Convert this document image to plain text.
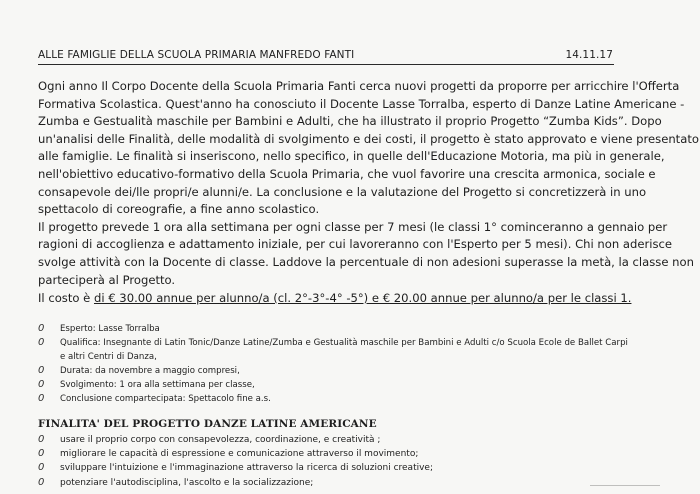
ALLE FAMIGLIE DELLA SCUOLA PRIMARIA MANFREDO FANTI	14.11.17

Ogni anno Il Corpo Docente della Scuola Primaria Fanti cerca nuovi progetti da proporre per arricchire l'Offerta
Formativa Scolastica. Quest'anno ha conosciuto il Docente Lasse Torralba, esperto di Danze Latine Americane -
Zumba e Gestualità maschile per Bambini e Adulti, che ha illustrato il proprio Progetto “Zumba Kids”. Dopo
un'analisi delle Finalità, delle modalità di svolgimento e dei costi, il progetto è stato approvato e viene presentato
alle famiglie. Le finalità si inseriscono, nello specifico, in quelle dell'Educazione Motoria, ma più in generale,
nell'obiettivo educativo-formativo della Scuola Primaria, che vuol favorire una crescita armonica, sociale e
consapevole dei/lle propri/e alunni/e. La conclusione e la valutazione del Progetto si concretizzerà in uno
spettacolo di coreografie, a fine anno scolastico.
Il progetto prevede 1 ora alla settimana per ogni classe per 7 mesi (le classi 1° cominceranno a gennaio per
ragioni di accoglienza e adattamento iniziale, per cui lavoreranno con l'Esperto per 5 mesi). Chi non aderisce
svolge attività con la Docente di classe. Laddove la percentuale di non adesioni superasse la metà, la classe non
parteciperà al Progetto.

Il costo è di € 30.00 annue per alunno/a (cl. 2°-3°-4° -5°) e € 20.00 annue per alunno/a per le classi 1.

0 Esperto: Lasse Torralba
0 Qualifica: Insegnante di Latin Tonic/Danze Latine/Zumba e Gestualità maschile per Bambini e Adulti c/o Scuola Ecole de Ballet Carpi
e altri Centri di Danza,
0 Durata: da novembre a maggio compresi,
0 Svolgimento: 1 ora alla settimana per classe,
0 Conclusione compartecipata: Spettacolo fine a.s.
FINALITA' DEL PROGETTO DANZE LATINE AMERICANE
0 usare il proprio corpo con consapevolezza, coordinazione, e creatività ;
0 migliorare le capacità di espressione e comunicazione attraverso il movimento;
0 sviluppare l'intuizione e l'immaginazione attraverso la ricerca di soluzioni creative;
0 potenziare l'autodisciplina, l'ascolto e la socializzazione;
